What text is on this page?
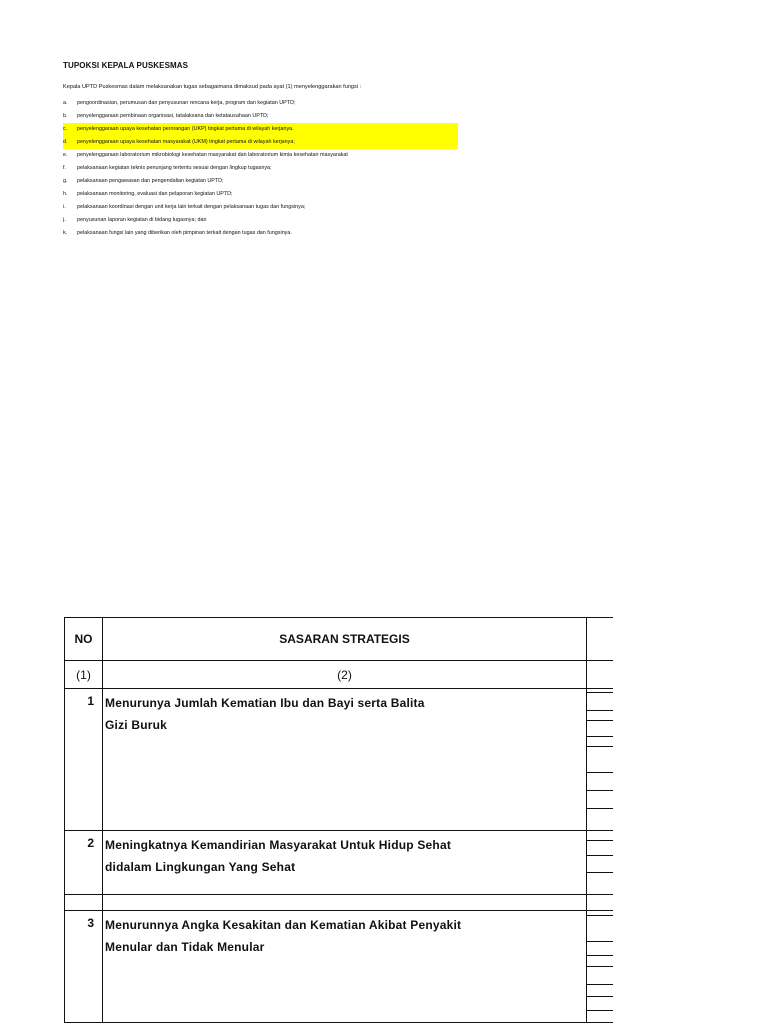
TUPOKSI KEPALA PUSKESMAS
Kepala UPTD Puskesmas dalam melaksanakan tugas sebagaimana dimaksud pada ayat (1) menyelenggarakan fungsi :
a. pengoordinasian, perumusan dan penyusunan rencana kerja, program dan kegiatan UPTD;
b. penyelenggaraan pembinaan organisasi, tatalaksana dan ketatausahaan UPTD;
c. penyelenggaraan upaya kesehatan perorangan (UKP) tingkat pertama di wilayah kerjanya.
d. penyelenggaraan upaya kesehatan masyarakat (UKM) tingkat pertama di wilayah kerjanya;
e. penyelenggaraan laboratorium mikrobiologi kesehatan masyarakat dan laboratorium kimia kesehatan masyarakat
f. pelaksanaan kegiatan teknis penunjang tertentu sesuai dengan lingkup tugasnya;
g. pelaksanaan pengawasan dan pengendalian kegiatan UPTD;
h. pelaksanaan monitoring, evaluasi dan pelaporan kegiatan UPTD;
i. pelaksanaan koordinasi dengan unit kerja lain terkait dengan pelaksanaan tugas dan fungsinya;
j. penyusunan laporan kegiatan di bidang tugasnya; dan
k. pelaksanaan fungsi lain yang diberikan oleh pimpinan terkait dengan tugas dan fungsinya.
NO	SASARAN STRATEGIS	
(1)	(2)	
1	Menurunya Jumlah Kematian Ibu dan Bayi serta Balita
Gizi Buruk	

2	Meningkatnya Kemandirian Masyarakat Untuk Hidup Sehat
didalam Lingkungan Yang Sehat	

3	Menurunnya Angka Kesakitan dan Kematian Akibat Penyakit
Menular dan Tidak Menular	
